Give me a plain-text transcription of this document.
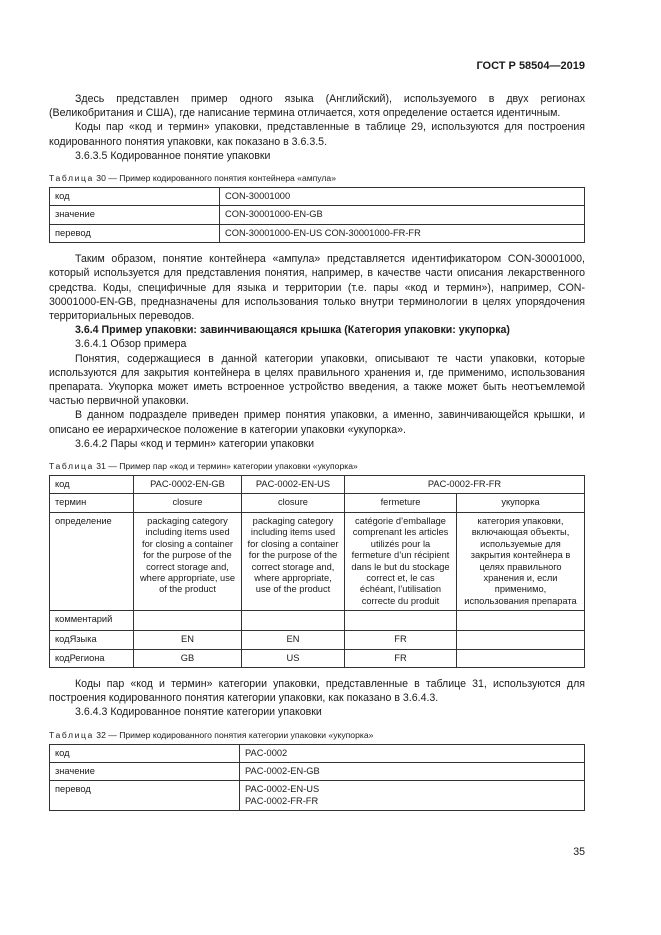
ГОСТ Р 58504—2019

Здесь представлен пример одного языка (Английский), используемого в двух регионах (Великобритания и США), где написание термина отличается, хотя определение остается идентичным.

Коды пар «код и термин» упаковки, представленные в таблице 29, используются для построения кодированного понятия упаковки, как показано в 3.6.3.5.

3.6.3.5 Кодированное понятие упаковки

Таблица 30 — Пример кодированного понятия контейнера «ампула»
код	CON-30001000
значение	CON-30001000-EN-GB
перевод	CON-30001000-EN-US CON-30001000-FR-FR

Таким образом, понятие контейнера «ампула» представляется идентификатором CON-30001000, который используется для представления понятия, например, в качестве части описания лекарственного средства. Коды, специфичные для языка и территории (т.е. пары «код и термин»), например, CON-30001000-EN-GB, предназначены для использования только внутри терминологии в целях упорядочения территориальных переводов.

3.6.4 Пример упаковки: завинчивающаяся крышка (Категория упаковки: укупорка)

3.6.4.1 Обзор примера

Понятия, содержащиеся в данной категории упаковки, описывают те части упаковки, которые используются для закрытия контейнера в целях правильного хранения и, где применимо, использования препарата. Укупорка может иметь встроенное устройство введения, а также может быть неотъемлемой частью первичной упаковки.

В данном подразделе приведен пример понятия упаковки, а именно, завинчивающейся крышки, и описано ее иерархическое положение в категории упаковки «укупорка».

3.6.4.2 Пары «код и термин» категории упаковки

Таблица 31 — Пример пар «код и термин» категории упаковки «укупорка»
код	PAC-0002-EN-GB	PAC-0002-EN-US	PAC-0002-FR-FR	
термин	closure	closure	fermeture	укупорка
определение	packaging category including items used for closing a container for the purpose of the correct storage and, where appropriate, use of the product	packaging category including items used for closing a container for the purpose of the correct storage and, where appropriate, use of the product	catégorie d’emballage comprenant les articles utilizés pour la fermeture d’un récipient dans le but du stockage correct et, le cas échéant, l’utilisation correcte du produit	категория упаковки, включающая объекты, используемые для закрытия контейнера в целях правильного хранения и, если применимо, использования препарата
комментарий				
кодЯзыка	EN	EN	FR	
кодРегиона	GB	US	FR	

Коды пар «код и термин» категории упаковки, представленные в таблице 31, используются для построения кодированного понятия категории упаковки, как показано в 3.6.4.3.

3.6.4.3 Кодированное понятие категории упаковки

Таблица 32 — Пример кодированного понятия категории упаковки «укупорка»
код	PAC-0002
значение	PAC-0002-EN-GB
перевод	PAC-0002-EN-US
PAC-0002-FR-FR
35
